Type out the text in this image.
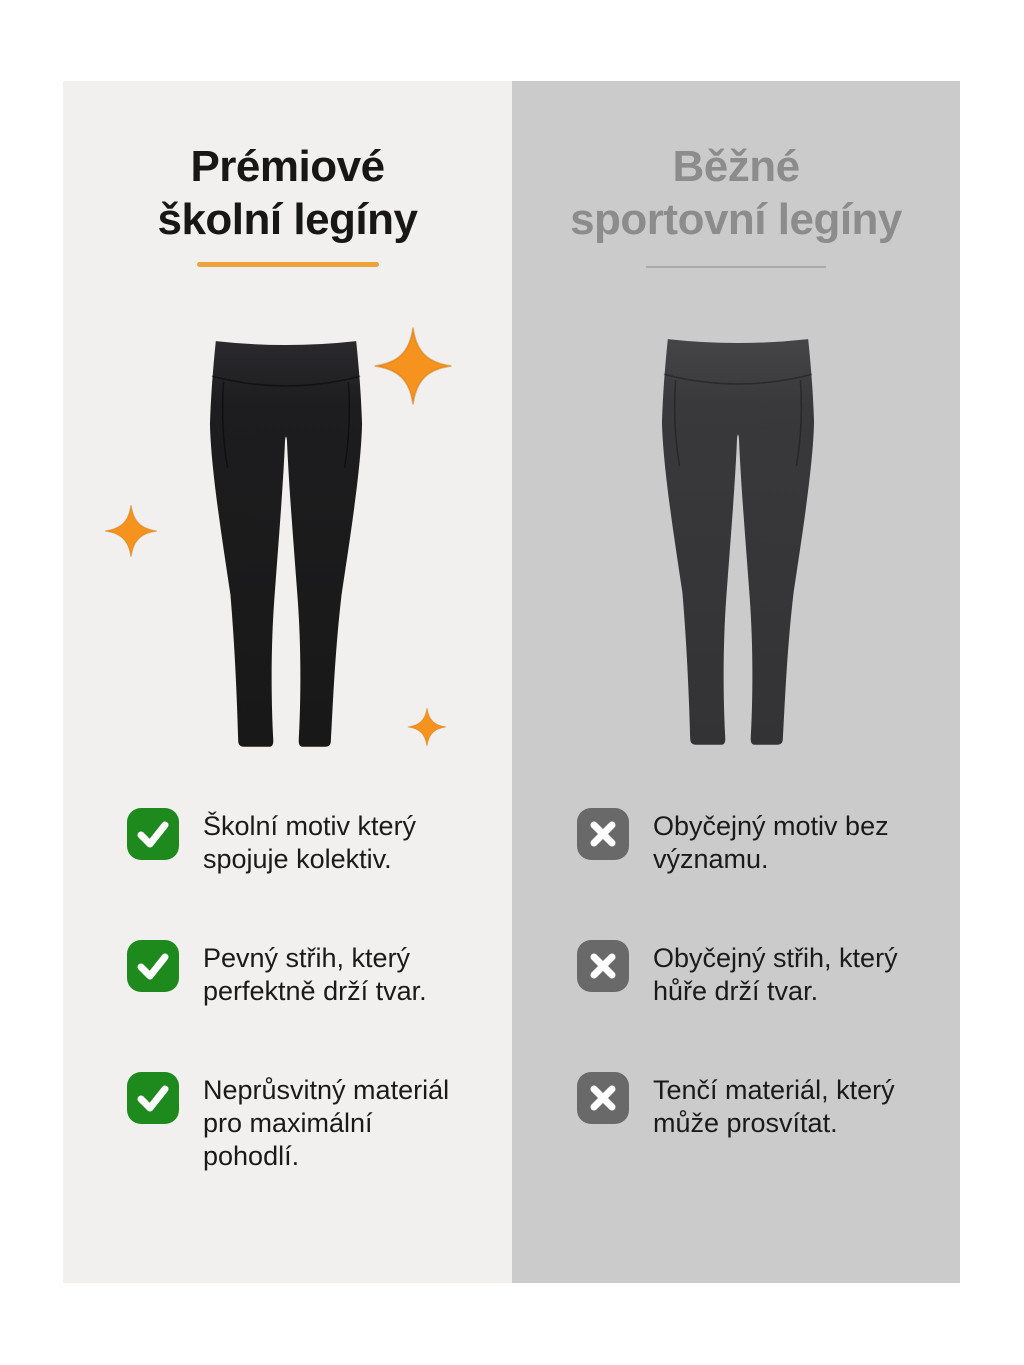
Prémiové
školní legíny
Školní motiv který
spojuje kolektiv.
Pevný střih, který
perfektně drží tvar.
Neprůsvitný materiál
pro maximální
pohodlí.
Běžné
sportovní legíny
Obyčejný motiv bez
významu.
Obyčejný střih, který
hůře drží tvar.
Tenčí materiál, který
může prosvítat.
